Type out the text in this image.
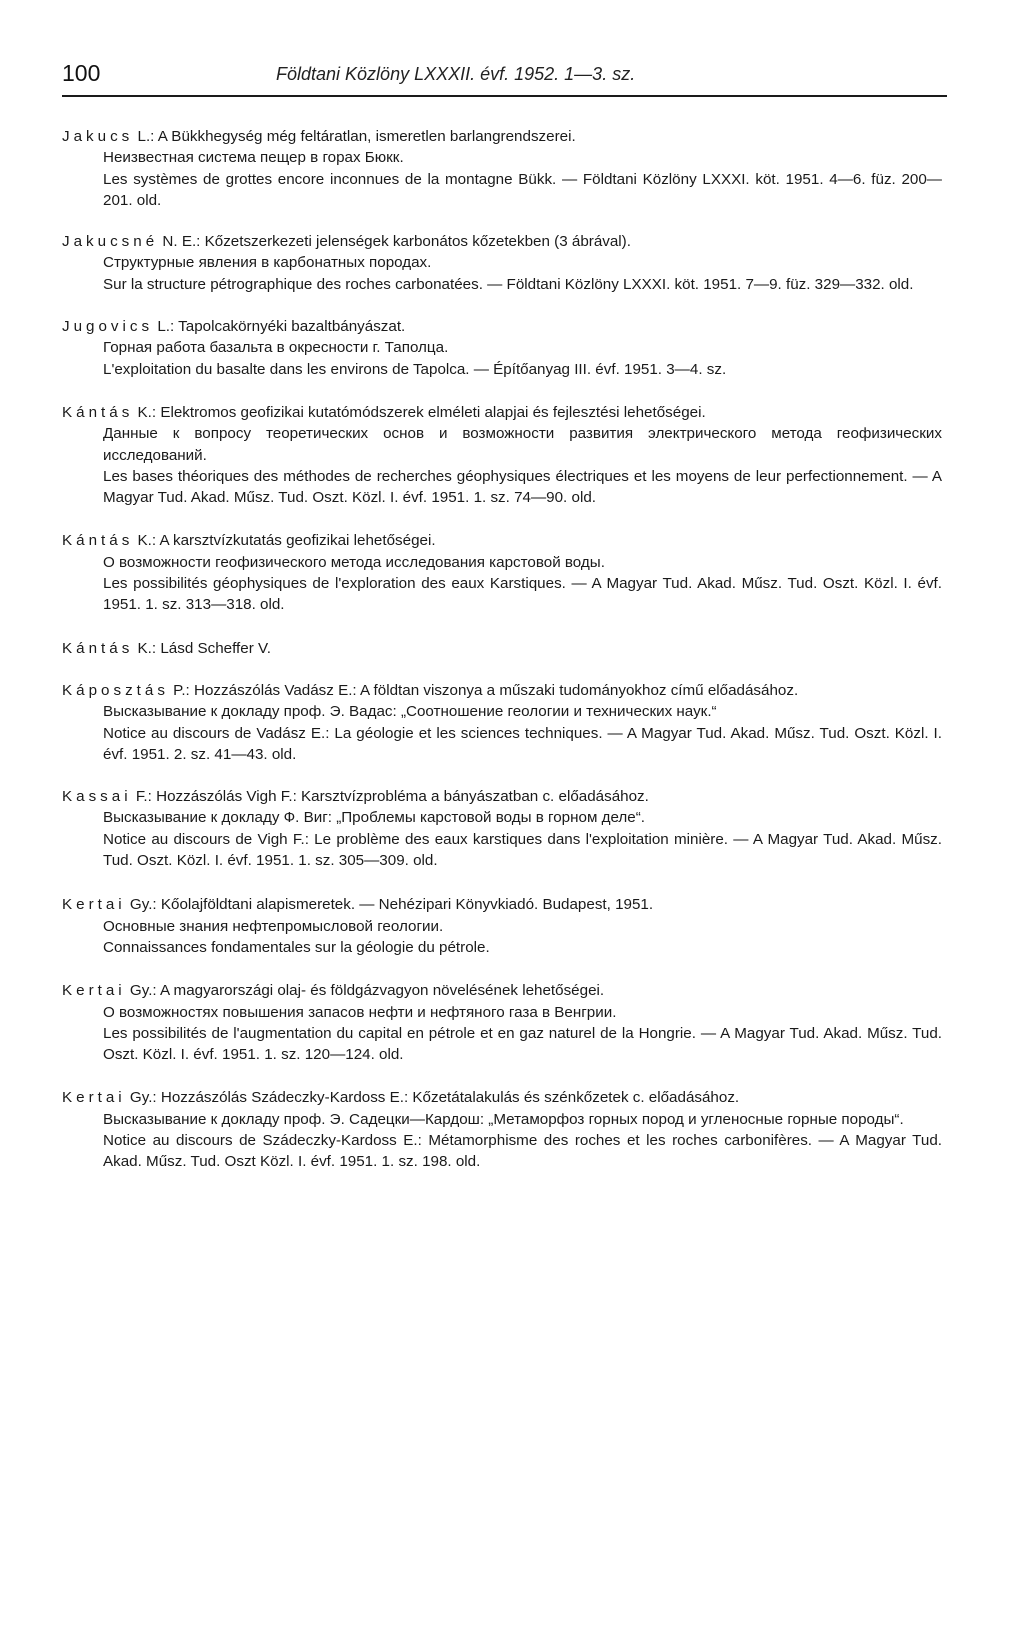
100	Földtani Közlöny LXXXII. évf. 1952. 1—3. sz.

Jakucs L.: A Bükkhegység még feltáratlan, ismeretlen barlangrendszerei.

Неизвестная система пещер в горах Бюкк.

Les systèmes de grottes encore inconnues de la montagne Bükk. — Földtani Közlöny LXXXI. köt. 1951. 4—6. füz. 200—201. old.

Jakucsné N. E.: Kőzetszerkezeti jelenségek karbonátos kőzetekben (3 ábrával).

Структурные явления в карбонатных породах.

Sur la structure pétrographique des roches carbonatées. — Földtani Közlöny LXXXI. köt. 1951. 7—9. füz. 329—332. old.

Jugovics L.: Tapolcakörnyéki bazaltbányászat.

Горная работа базальта в окресности г. Таполца.

L'exploitation du basalte dans les environs de Tapolca. — Építőanyag III. évf. 1951. 3—4. sz.

Kántás K.: Elektromos geofizikai kutatómódszerek elméleti alapjai és fejlesztési lehetőségei.

Данные к вопросу теоретических основ и возможности развития электрического метода геофизических исследований.

Les bases théoriques des méthodes de recherches géophysiques électriques et les moyens de leur perfectionnement. — A Magyar Tud. Akad. Műsz. Tud. Oszt. Közl. I. évf. 1951. 1. sz. 74—90. old.

Kántás K.: A karsztvízkutatás geofizikai lehetőségei.

О возможности геофизического метода исследования карстовой воды.

Les possibilités géophysiques de l'exploration des eaux Karstiques. — A Magyar Tud. Akad. Műsz. Tud. Oszt. Közl. I. évf. 1951. 1. sz. 313—318. old.

Kántás K.: Lásd Scheffer V.

Káposztás P.: Hozzászólás Vadász E.: A földtan viszonya a műszaki tudományokhoz című előadásához.

Высказывание к докладу проф. Э. Вадас: „Соотношение геологии и технических наук.“

Notice au discours de Vadász E.: La géologie et les sciences techniques. — A Magyar Tud. Akad. Műsz. Tud. Oszt. Közl. I. évf. 1951. 2. sz. 41—43. old.

Kassai F.: Hozzászólás Vigh F.: Karsztvízprobléma a bányászatban c. előadásához.

Высказывание к докладу Ф. Виг: „Проблемы карстовой воды в горном деле“.

Notice au discours de Vigh F.: Le problème des eaux karstiques dans l'exploitation minière. — A Magyar Tud. Akad. Műsz. Tud. Oszt. Közl. I. évf. 1951. 1. sz. 305—309. old.

Kertai Gy.: Kőolajföldtani alapismeretek. — Nehézipari Könyvkiadó. Budapest, 1951.

Основные знания нефтепромысловой геологии.

Connaissances fondamentales sur la géologie du pétrole.

Kertai Gy.: A magyarországi olaj- és földgázvagyon növelésének lehetőségei.

О возможностях повышения запасов нефти и нефтяного газа в Венгрии.

Les possibilités de l'augmentation du capital en pétrole et en gaz naturel de la Hongrie. — A Magyar Tud. Akad. Műsz. Tud. Oszt. Közl. I. évf. 1951. 1. sz. 120—124. old.

Kertai Gy.: Hozzászólás Szádeczky-Kardoss E.: Kőzetátalakulás és szénkőzetek c. előadásához.

Высказывание к докладу проф. Э. Садецки—Кардош: „Метаморфоз горных пород и угленосные горные породы“.

Notice au discours de Szádeczky-Kardoss E.: Métamorphisme des roches et les roches carbonifères. — A Magyar Tud. Akad. Műsz. Tud. Oszt Közl. I. évf. 1951. 1. sz. 198. old.
